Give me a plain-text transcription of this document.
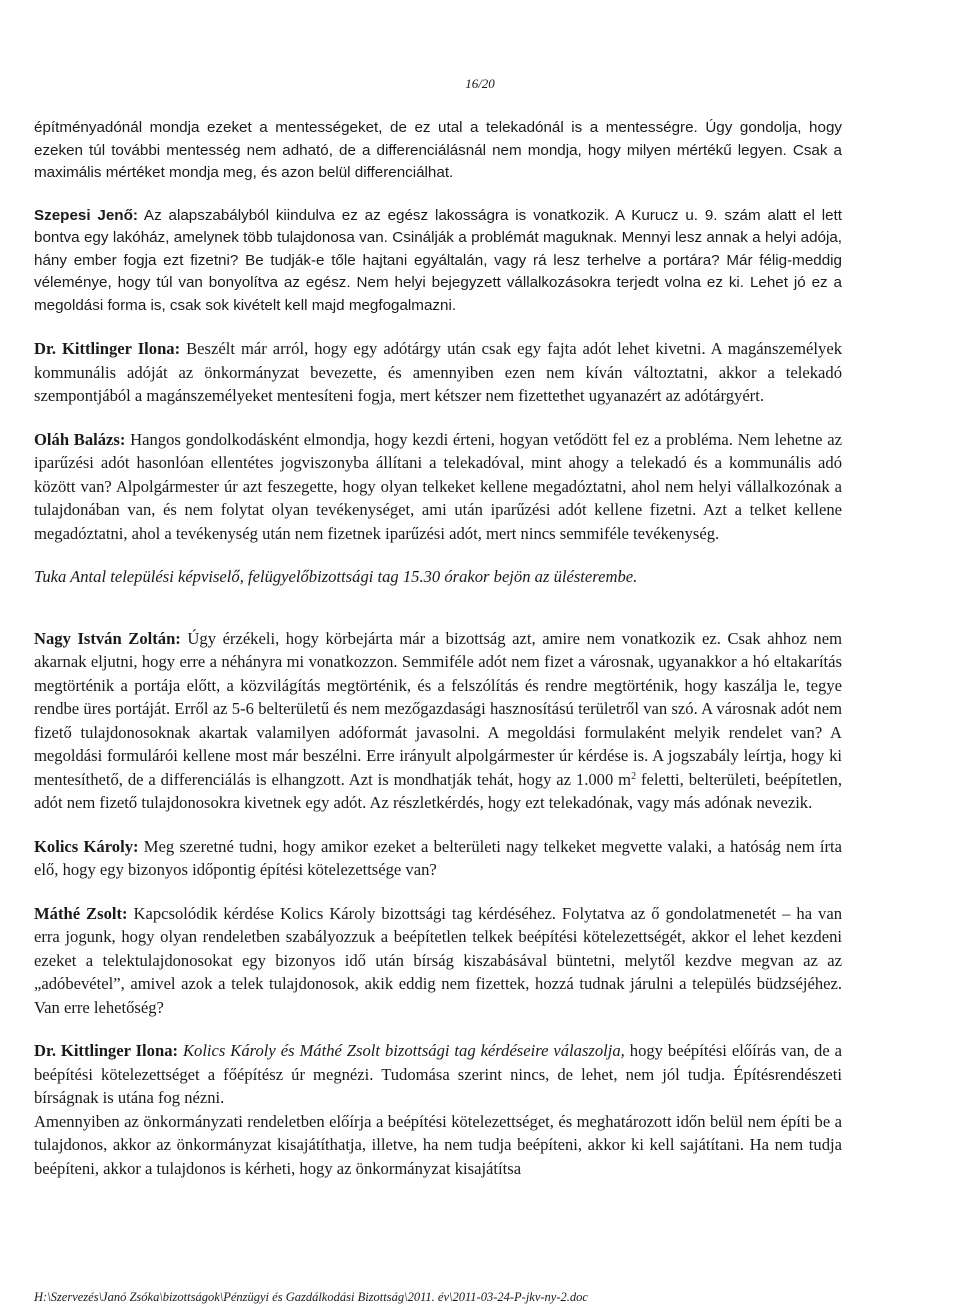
16/20

építményadónál mondja ezeket a mentességeket, de ez utal a telekadónál is a mentességre. Úgy gondolja, hogy ezeken túl további mentesség nem adható, de a differenciálásnál nem mondja, hogy milyen mértékű legyen. Csak a maximális mértéket mondja meg, és azon belül differenciálhat.

Szepesi Jenő: Az alapszabályból kiindulva ez az egész lakosságra is vonatkozik. A Kurucz u. 9. szám alatt el lett bontva egy lakóház, amelynek több tulajdonosa van. Csinálják a problémát maguknak. Mennyi lesz annak a helyi adója, hány ember fogja ezt fizetni? Be tudják-e tőle hajtani egyáltalán, vagy rá lesz terhelve a portára? Már félig-meddig véleménye, hogy túl van bonyolítva az egész. Nem helyi bejegyzett vállalkozásokra terjedt volna ez ki. Lehet jó ez a megoldási forma is, csak sok kivételt kell majd megfogalmazni.

Dr. Kittlinger Ilona: Beszélt már arról, hogy egy adótárgy után csak egy fajta adót lehet kivetni. A magánszemélyek kommunális adóját az önkormányzat bevezette, és amennyiben ezen nem kíván változtatni, akkor a telekadó szempontjából a magánszemélyeket mentesíteni fogja, mert kétszer nem fizettethet ugyanazért az adótárgyért.

Oláh Balázs: Hangos gondolkodásként elmondja, hogy kezdi érteni, hogyan vetődött fel ez a probléma. Nem lehetne az iparűzési adót hasonlóan ellentétes jogviszonyba állítani a telekadóval, mint ahogy a telekadó és a kommunális adó között van? Alpolgármester úr azt feszegette, hogy olyan telkeket kellene megadóztatni, ahol nem helyi vállalkozónak a tulajdonában van, és nem folytat olyan tevékenységet, ami után iparűzési adót kellene fizetni. Azt a telket kellene megadóztatni, ahol a tevékenység után nem fizetnek iparűzési adót, mert nincs semmiféle tevékenység.

Tuka Antal települési képviselő, felügyelőbizottsági tag 15.30 órakor bejön az ülésterembe.

Nagy István Zoltán: Úgy érzékeli, hogy körbejárta már a bizottság azt, amire nem vonatkozik ez. Csak ahhoz nem akarnak eljutni, hogy erre a néhányra mi vonatkozzon. Semmiféle adót nem fizet a városnak, ugyanakkor a hó eltakarítás megtörténik a portája előtt, a közvilágítás megtörténik, és a felszólítás és rendre megtörténik, hogy kaszálja le, tegye rendbe üres portáját. Erről az 5-6 belterületű és nem mezőgazdasági hasznosítású területről van szó. A városnak adót nem fizető tulajdonosoknak akartak valamilyen adóformát javasolni. A megoldási formulaként melyik rendelet van? A megoldási formulárói kellene most már beszélni. Erre irányult alpolgármester úr kérdése is. A jogszabály leírtja, hogy ki mentesíthető, de a differenciálás is elhangzott. Azt is mondhatják tehát, hogy az 1.000 $m^2$ feletti, belterületi, beépítetlen, adót nem fizető tulajdonosokra kivetnek egy adót. Az részletkérdés, hogy ezt telekadónak, vagy más adónak nevezik.

Kolics Károly: Meg szeretné tudni, hogy amikor ezeket a belterületi nagy telkeket megvette valaki, a hatóság nem írta elő, hogy egy bizonyos időpontig építési kötelezettsége van?

Máthé Zsolt: Kapcsolódik kérdése Kolics Károly bizottsági tag kérdéséhez. Folytatva az ő gondolatmenetét – ha van erra jogunk, hogy olyan rendeletben szabályozzuk a beépítetlen telkek beépítési kötelezettségét, akkor el lehet kezdeni ezeket a telektulajdonosokat egy bizonyos idő után bírság kiszabásával büntetni, melytől kezdve megvan az az „adóbevétel”, amivel azok a telek tulajdonosok, akik eddig nem fizettek, hozzá tudnak járulni a település büdzséjéhez. Van erre lehetőség?

Dr. Kittlinger Ilona: Kolics Károly és Máthé Zsolt bizottsági tag kérdéseire válaszolja, hogy beépítési előírás van, de a beépítési kötelezettséget a főépítész úr megnézi. Tudomása szerint nincs, de lehet, nem jól tudja. Építésrendészeti bírságnak is utána fog nézni.
Amennyiben az önkormányzati rendeletben előírja a beépítési kötelezettséget, és meghatározott időn belül nem építi be a tulajdonos, akkor az önkormányzat kisajátíthatja, illetve, ha nem tudja beépíteni, akkor ki kell sajátítani. Ha nem tudja beépíteni, akkor a tulajdonos is kérheti, hogy az önkormányzat kisajátítsa

H:\Szervezés\Janó Zsóka\bizottságok\Pénzügyi és Gazdálkodási Bizottság\2011. év\2011-03-24-P-jkv-ny-2.doc
